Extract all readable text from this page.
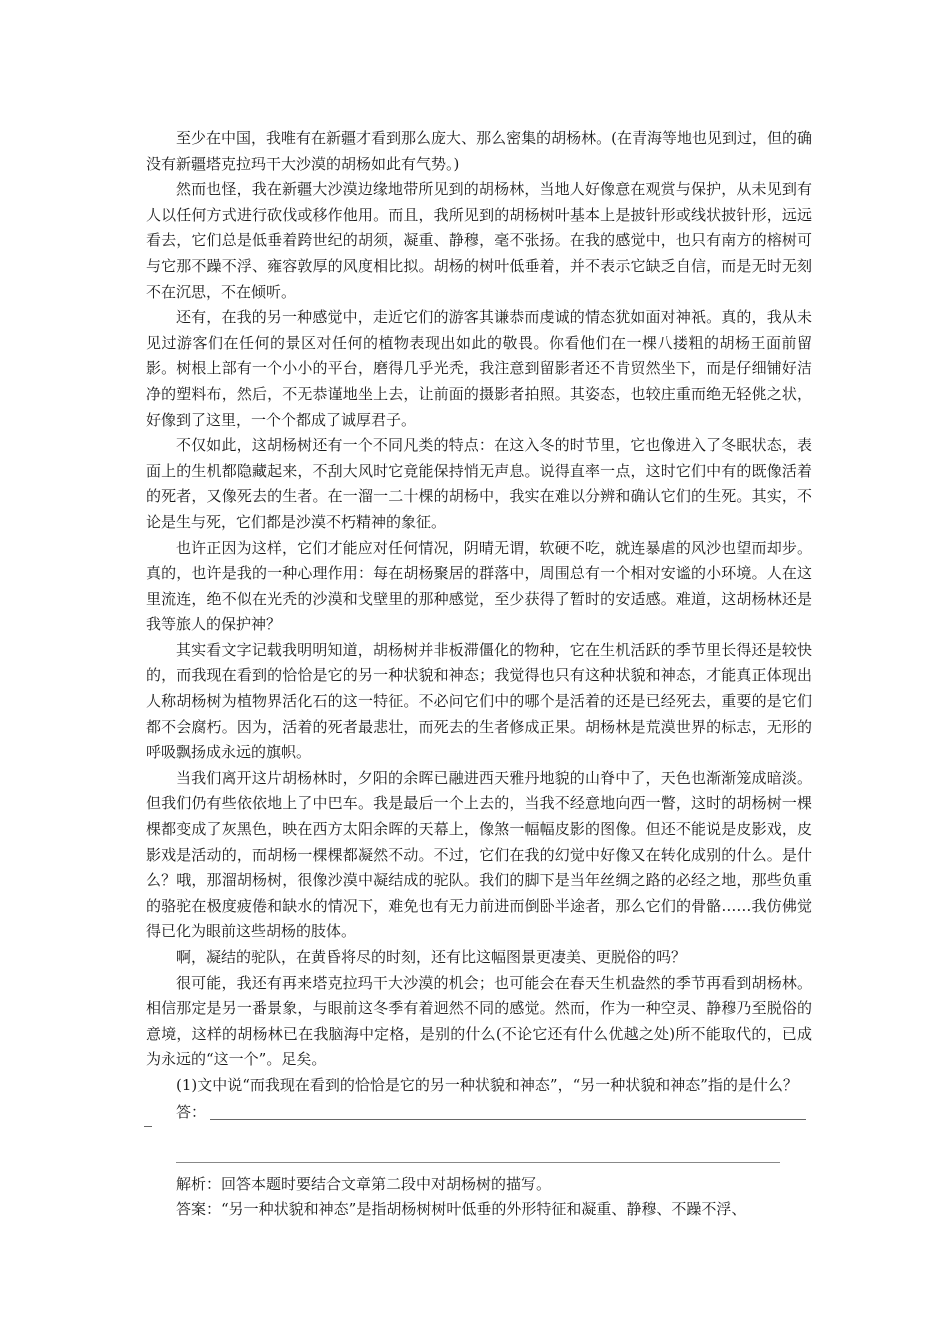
至少在中国，我唯有在新疆才看到那么庞大、那么密集的胡杨林。(在青海等地也见到过，但的确没有新疆塔克拉玛干大沙漠的胡杨如此有气势。)

然而也怪，我在新疆大沙漠边缘地带所见到的胡杨林，当地人好像意在观赏与保护，从未见到有人以任何方式进行砍伐或移作他用。而且，我所见到的胡杨树叶基本上是披针形或线状披针形，远远看去，它们总是低垂着跨世纪的胡须，凝重、静穆，毫不张扬。在我的感觉中，也只有南方的榕树可与它那不躁不浮、雍容敦厚的风度相比拟。胡杨的树叶低垂着，并不表示它缺乏自信，而是无时无刻不在沉思，不在倾听。

还有，在我的另一种感觉中，走近它们的游客其谦恭而虔诚的情态犹如面对神祇。真的，我从未见过游客们在任何的景区对任何的植物表现出如此的敬畏。你看他们在一棵八搂粗的胡杨王面前留影。树根上部有一个小小的平台，磨得几乎光秃，我注意到留影者还不肯贸然坐下，而是仔细铺好洁净的塑料布，然后，不无恭谨地坐上去，让前面的摄影者拍照。其姿态，也较庄重而绝无轻佻之状，好像到了这里，一个个都成了诚厚君子。

不仅如此，这胡杨树还有一个不同凡类的特点：在这入冬的时节里，它也像进入了冬眠状态，表面上的生机都隐藏起来，不刮大风时它竟能保持悄无声息。说得直率一点，这时它们中有的既像活着的死者，又像死去的生者。在一溜一二十棵的胡杨中，我实在难以分辨和确认它们的生死。其实，不论是生与死，它们都是沙漠不朽精神的象征。

也许正因为这样，它们才能应对任何情况，阴晴无谓，软硬不吃，就连暴虐的风沙也望而却步。真的，也许是我的一种心理作用：每在胡杨聚居的群落中，周围总有一个相对安谧的小环境。人在这里流连，绝不似在光秃的沙漠和戈壁里的那种感觉，至少获得了暂时的安适感。难道，这胡杨林还是我等旅人的保护神？

其实看文字记载我明明知道，胡杨树并非板滞僵化的物种，它在生机活跃的季节里长得还是较快的，而我现在看到的恰恰是它的另一种状貌和神态；我觉得也只有这种状貌和神态，才能真正体现出人称胡杨树为植物界活化石的这一特征。不必问它们中的哪个是活着的还是已经死去，重要的是它们都不会腐朽。因为，活着的死者最悲壮，而死去的生者修成正果。胡杨林是荒漠世界的标志，无形的呼吸飘扬成永远的旗帜。

当我们离开这片胡杨林时，夕阳的余晖已融进西天雅丹地貌的山脊中了，天色也渐渐笼成暗淡。但我们仍有些依依地上了中巴车。我是最后一个上去的，当我不经意地向西一瞥，这时的胡杨树一棵棵都变成了灰黑色，映在西方太阳余晖的天幕上，像煞一幅幅皮影的图像。但还不能说是皮影戏，皮影戏是活动的，而胡杨一棵棵都凝然不动。不过，它们在我的幻觉中好像又在转化成别的什么。是什么？哦，那溜胡杨树，很像沙漠中凝结成的驼队。我们的脚下是当年丝绸之路的必经之地，那些负重的骆驼在极度疲倦和缺水的情况下，难免也有无力前进而倒卧半途者，那么它们的骨骼……我仿佛觉得已化为眼前这些胡杨的肢体。

啊，凝结的驼队，在黄昏将尽的时刻，还有比这幅图景更凄美、更脱俗的吗？

很可能，我还有再来塔克拉玛干大沙漠的机会；也可能会在春天生机盎然的季节再看到胡杨林。相信那定是另一番景象，与眼前这冬季有着迥然不同的感觉。然而，作为一种空灵、静穆乃至脱俗的意境，这样的胡杨林已在我脑海中定格，是别的什么(不论它还有什么优越之处)所不能取代的，已成为永远的“这一个”。足矣。

(1)文中说“而我现在看到的恰恰是它的另一种状貌和神态”，“另一种状貌和神态”指的是什么？

答：

解析：回答本题时要结合文章第二段中对胡杨树的描写。

答案：“另一种状貌和神态”是指胡杨树树叶低垂的外形特征和凝重、静穆、不躁不浮、
